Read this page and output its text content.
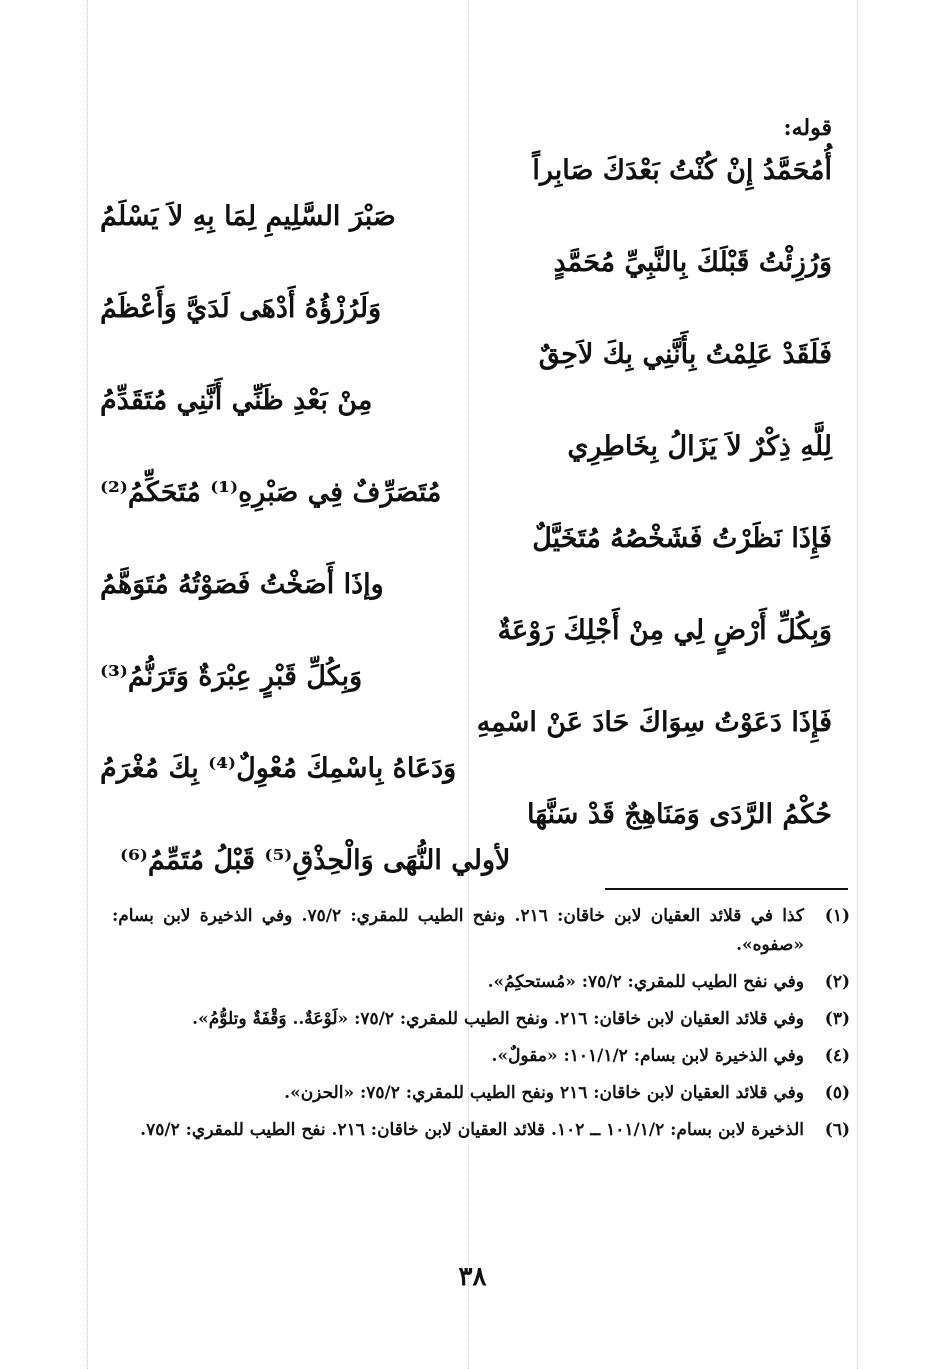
قوله:
أُمُحَمَّدُ إِنْ كُنْتُ بَعْدَكَ صَابِراً
صَبْرَ السَّلِيمِ لِمَا بِهِ لاَ يَسْلَمُ
وَرُزِئْتُ قَبْلَكَ بِالنَّبِيِّ مُحَمَّدٍ
وَلَرُزْؤُهُ أَدْهَى لَدَيَّ وَأَعْظَمُ
فَلَقَدْ عَلِمْتُ بِأَنَّنِي بِكَ لاَحِقٌ
مِنْ بَعْدِ ظَنِّي أَنَّنِي مُتَقَدِّمُ
لِلَّهِ ذِكْرٌ لاَ يَزَالُ بِخَاطِرِي
مُتَصَرِّفٌ فِي صَبْرِهِ⁽¹⁾ مُتَحَكِّمُ⁽²⁾
فَإِذَا نَظَرْتُ فَشَخْصُهُ مُتَخَيَّلٌ
وإذَا أَصَخْتُ فَصَوْتُهُ مُتَوَهَّمُ
وَبِكُلِّ أَرْضٍ لِي مِنْ أَجْلِكَ رَوْعَةٌ
وَبِكُلِّ قَبْرٍ عِبْرَةٌ وَتَرَنُّمُ⁽³⁾
فَإِذَا دَعَوْتُ سِوَاكَ حَادَ عَنْ اسْمِهِ
وَدَعَاهُ بِاسْمِكَ مُعْوِلٌ⁽⁴⁾ بِكَ مُغْرَمُ
حُكْمُ الرَّدَى وَمَنَاهِجٌ قَدْ سَنَّهَا
لأولي النُّهَى وَالْحِذْقِ⁽⁵⁾ قَبْلُ مُتَمِّمُ⁽⁶⁾
(١)
كذا في قلائد العقيان لابن خاقان: ٢١٦. ونفح الطيب للمقري: ٧٥/٢. وفي الذخيرة لابن بسام: «صفوه».
(٢)
وفي نفح الطيب للمقري: ٧٥/٢: «مُستحكِمُ».
(٣)
وفي قلائد العقيان لابن خاقان: ٢١٦. ونفح الطيب للمقري: ٧٥/٢: «لَوْعَةٌ.. وَقْفَةٌ وتلوُّمُ».
(٤)
وفي الذخيرة لابن بسام: ١٠١/١/٢: «مقولٌ».
(٥)
وفي قلائد العقيان لابن خاقان: ٢١٦ ونفح الطيب للمقري: ٧٥/٢: «الحزن».
(٦)
الذخيرة لابن بسام: ١٠١/١/٢ ــ ١٠٢. قلائد العقيان لابن خاقان: ٢١٦. نفح الطيب للمقري: ٧٥/٢.
٣٨
